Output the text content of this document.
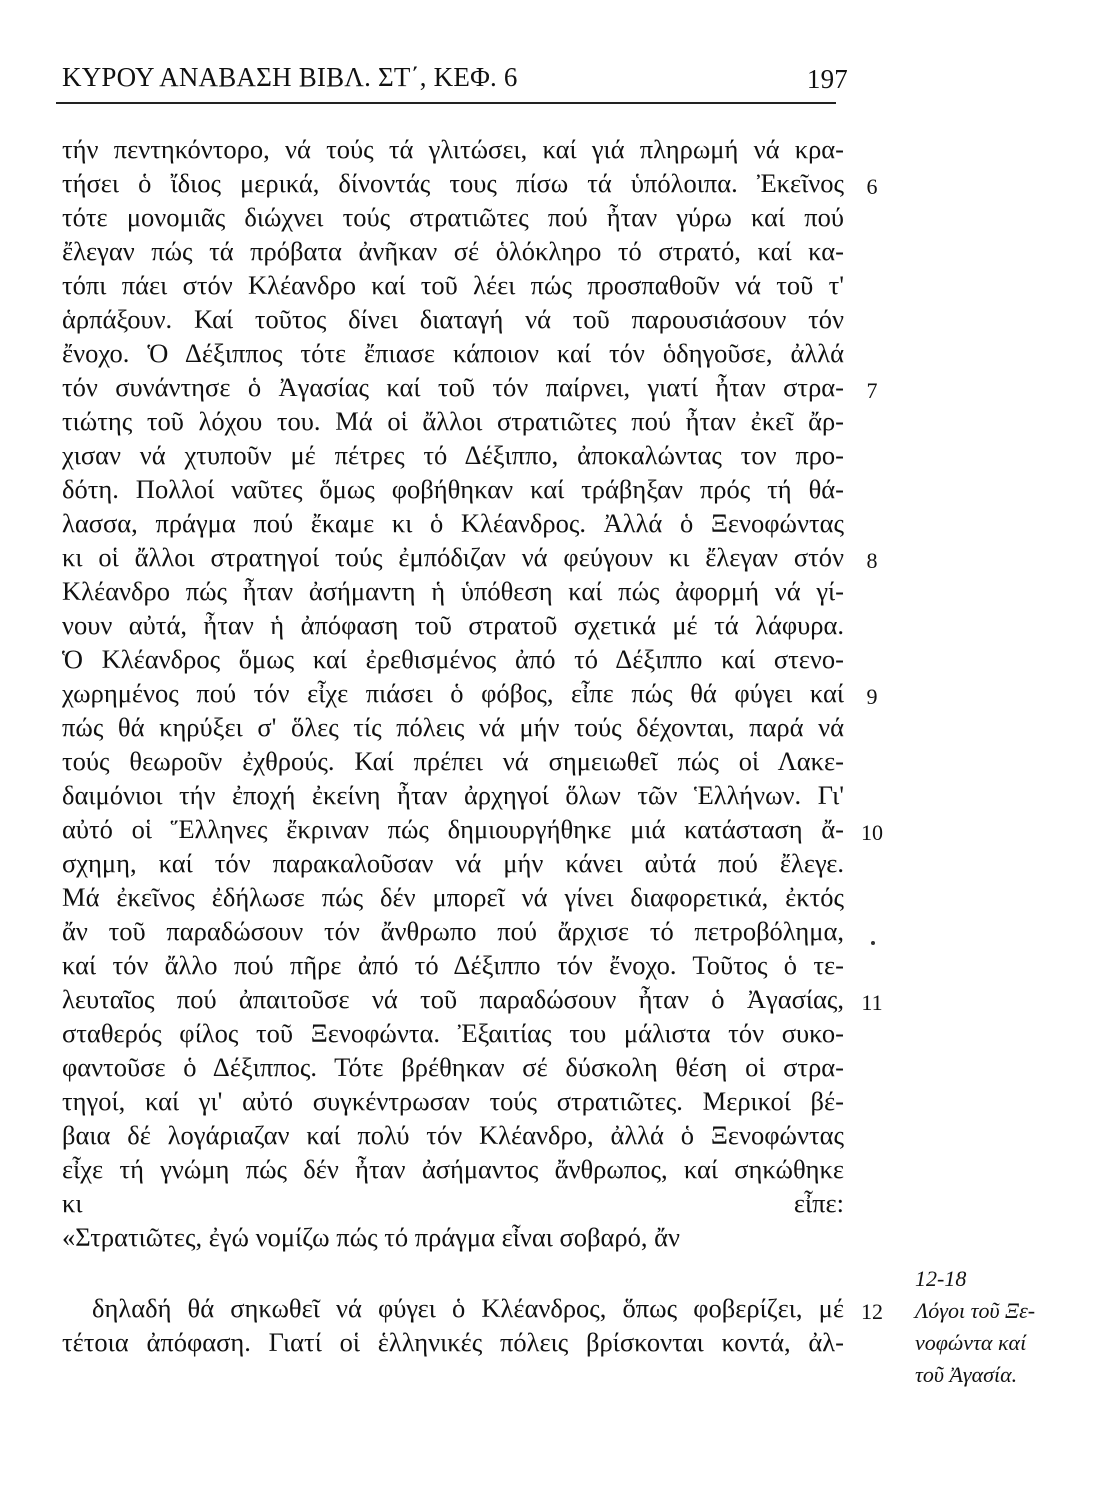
ΚΥΡΟΥ ΑΝΑΒΑΣΗ ΒΙΒΛ. ΣΤ΄, ΚΕΦ. 6	197
τήν πεντηκόντορο, νά τούς τά γλιτώσει, καί γιά πληρωμή νά κρα-
τήσει ὁ ἴδιος μερικά, δίνοντάς τους πίσω τά ὑπόλοιπα. Ἐκεῖνος
τότε μονομιᾶς διώχνει τούς στρατιῶτες πού ἦταν γύρω καί πού
ἔλεγαν πώς τά πρόβατα ἀνῆκαν σέ ὁλόκληρο τό στρατό, καί κα-
τόπι πάει στόν Κλέανδρο καί τοῦ λέει πώς προσπαθοῦν νά τοῦ τ'
ἁρπάξουν. Καί τοῦτος δίνει διαταγή νά τοῦ παρουσιάσουν τόν
ἔνοχο. Ὁ Δέξιππος τότε ἔπιασε κάποιον καί τόν ὁδηγοῦσε, ἀλλά
τόν συνάντησε ὁ Ἀγασίας καί τοῦ τόν παίρνει, γιατί ἦταν στρα-
τιώτης τοῦ λόχου του. Μά οἱ ἄλλοι στρατιῶτες πού ἦταν ἐκεῖ ἄρ-
χισαν νά χτυποῦν μέ πέτρες τό Δέξιππο, ἀποκαλώντας τον προ-
δότη. Πολλοί ναῦτες ὅμως φοβήθηκαν καί τράβηξαν πρός τή θά-
λασσα, πράγμα πού ἔκαμε κι ὁ Κλέανδρος. Ἀλλά ὁ Ξενοφώντας
κι οἱ ἄλλοι στρατηγοί τούς ἐμπόδιζαν νά φεύγουν κι ἔλεγαν στόν
Κλέανδρο πώς ἦταν ἀσήμαντη ἡ ὑπόθεση καί πώς ἀφορμή νά γί-
νουν αὐτά, ἦταν ἡ ἀπόφαση τοῦ στρατοῦ σχετικά μέ τά λάφυρα.
Ὁ Κλέανδρος ὅμως καί ἐρεθισμένος ἀπό τό Δέξιππο καί στενο-
χωρημένος πού τόν εἶχε πιάσει ὁ φόβος, εἶπε πώς θά φύγει καί
πώς θά κηρύξει σ' ὅλες τίς πόλεις νά μήν τούς δέχονται, παρά νά
τούς θεωροῦν ἐχθρούς. Καί πρέπει νά σημειωθεῖ πώς οἱ Λακε-
δαιμόνιοι τήν ἐποχή ἐκείνη ἦταν ἀρχηγοί ὅλων τῶν Ἑλλήνων. Γι'
αὐτό οἱ Ἕλληνες ἔκριναν πώς δημιουργήθηκε μιά κατάσταση ἄ-
σχημη, καί τόν παρακαλοῦσαν νά μήν κάνει αὐτά πού ἔλεγε.
Μά ἐκεῖνος ἐδήλωσε πώς δέν μπορεῖ νά γίνει διαφορετικά, ἐκτός
ἄν τοῦ παραδώσουν τόν ἄνθρωπο πού ἄρχισε τό πετροβόλημα,
καί τόν ἄλλο πού πῆρε ἀπό τό Δέξιππο τόν ἔνοχο. Τοῦτος ὁ τε-
λευταῖος πού ἀπαιτοῦσε νά τοῦ παραδώσουν ἦταν ὁ Ἀγασίας,
σταθερός φίλος τοῦ Ξενοφώντα. Ἐξαιτίας του μάλιστα τόν συκο-
φαντοῦσε ὁ Δέξιππος. Τότε βρέθηκαν σέ δύσκολη θέση οἱ στρα-
τηγοί, καί γι' αὐτό συγκέντρωσαν τούς στρατιῶτες. Μερικοί βέ-
βαια δέ λογάριαζαν καί πολύ τόν Κλέανδρο, ἀλλά ὁ Ξενοφώντας
εἶχε τή γνώμη πώς δέν ἦταν ἀσήμαντος ἄνθρωπος, καί σηκώθηκε
κι εἶπε:
«Στρατιῶτες, ἐγώ νομίζω πώς τό πράγμα εἶναι σοβαρό, ἄν
δηλαδή θά σηκωθεῖ νά φύγει ὁ Κλέανδρος, ὅπως φοβερίζει, μέ
τέτοια ἀπόφαση. Γιατί οἱ ἑλληνικές πόλεις βρίσκονται κοντά, ἀλ-
6
7
8
9
10
11
12
12-18
Λόγοι τοῦ Ξε-
νοφώντα καί
τοῦ Ἀγασία.
